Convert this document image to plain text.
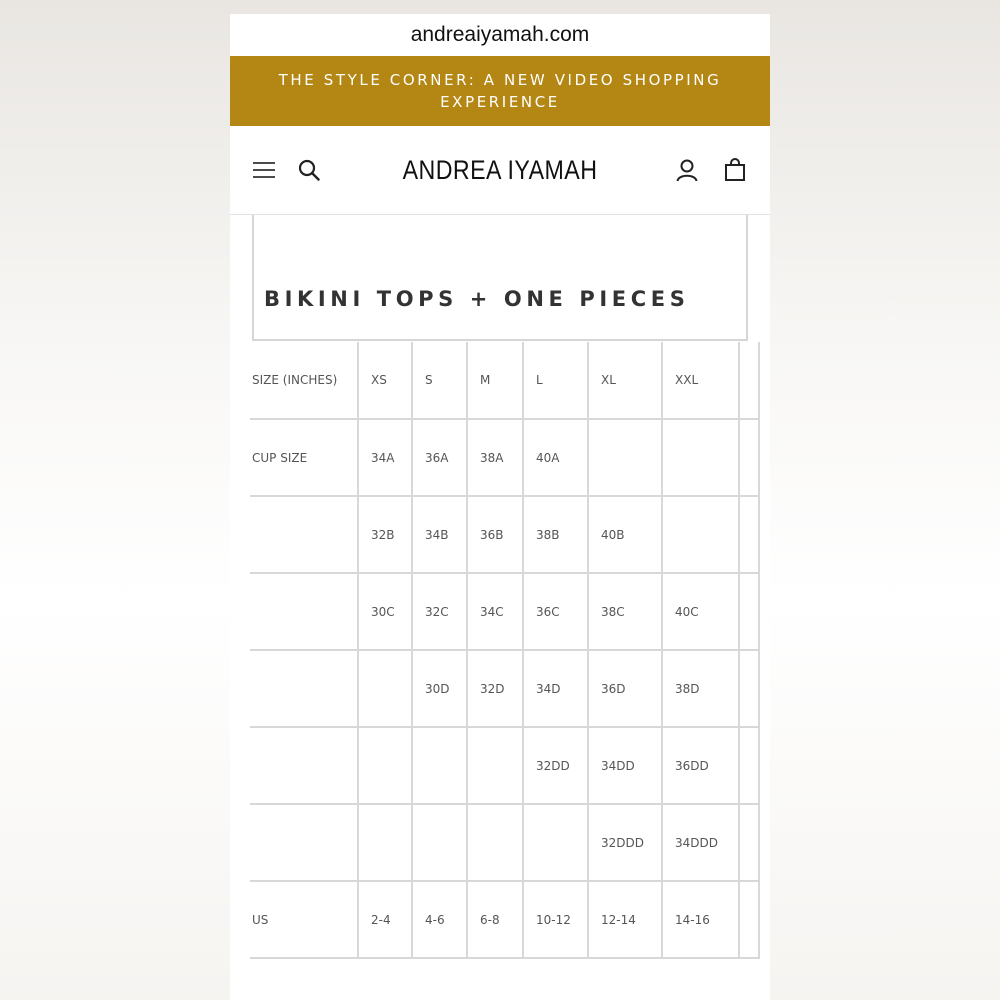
andreaiyamah.com
THE STYLE CORNER: A NEW VIDEO SHOPPING EXPERIENCE
ANDREA IYAMAH
BIKINI TOPS + ONE PIECES
SIZE (INCHES)	XS	S	M	L	XL	XXL	
CUP SIZE	34A	36A	38A	40A			
	32B	34B	36B	38B	40B		
	30C	32C	34C	36C	38C	40C	
		30D	32D	34D	36D	38D	
				32DD	34DD	36DD	
					32DDD	34DDD	
US	2-4	4-6	6-8	10-12	12-14	14-16	
